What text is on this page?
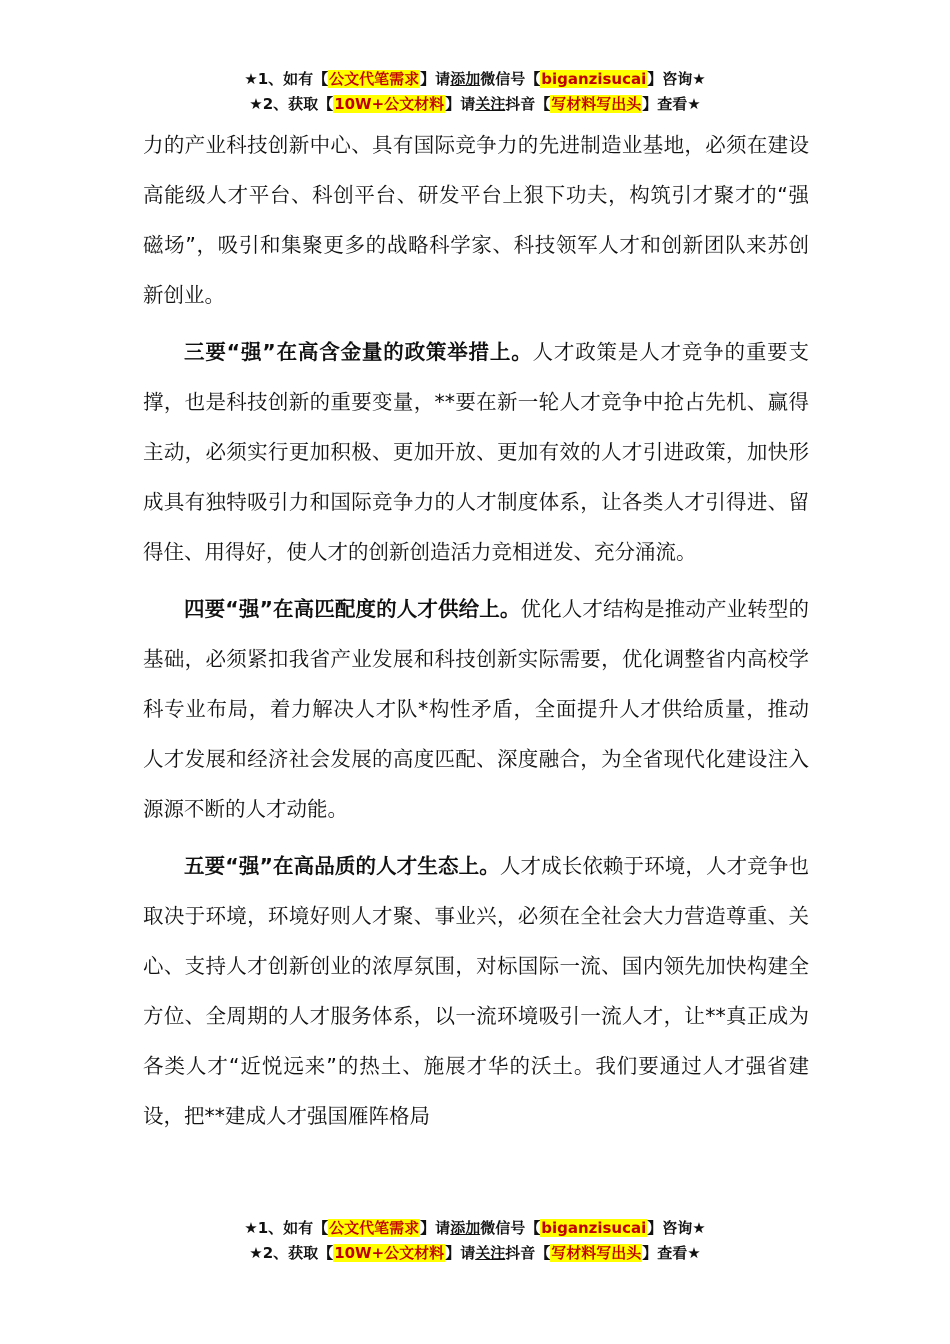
★1、如有【公文代笔需求】请添加微信号【biganzisucai】咨询★
★2、获取【10W+公文材料】请关注抖音【写材料写出头】查看★

力的产业科技创新中心、具有国际竞争力的先进制造业基地，必须在建设高能级人才平台、科创平台、研发平台上狠下功夫，构筑引才聚才的“强磁场”，吸引和集聚更多的战略科学家、科技领军人才和创新团队来苏创新创业。

三要“强”在高含金量的政策举措上。人才政策是人才竞争的重要支撑，也是科技创新的重要变量，**要在新一轮人才竞争中抢占先机、赢得主动，必须实行更加积极、更加开放、更加有效的人才引进政策，加快形成具有独特吸引力和国际竞争力的人才制度体系，让各类人才引得进、留得住、用得好，使人才的创新创造活力竞相迸发、充分涌流。

四要“强”在高匹配度的人才供给上。优化人才结构是推动产业转型的基础，必须紧扣我省产业发展和科技创新实际需要，优化调整省内高校学科专业布局，着力解决人才队*构性矛盾，全面提升人才供给质量，推动人才发展和经济社会发展的高度匹配、深度融合，为全省现代化建设注入源源不断的人才动能。

五要“强”在高品质的人才生态上。人才成长依赖于环境，人才竞争也取决于环境，环境好则人才聚、事业兴，必须在全社会大力营造尊重、关心、支持人才创新创业的浓厚氛围，对标国际一流、国内领先加快构建全方位、全周期的人才服务体系，以一流环境吸引一流人才，让**真正成为各类人才“近悦远来”的热土、施展才华的沃土。我们要通过人才强省建设，把**建成人才强国雁阵格局

★1、如有【公文代笔需求】请添加微信号【biganzisucai】咨询★
★2、获取【10W+公文材料】请关注抖音【写材料写出头】查看★
